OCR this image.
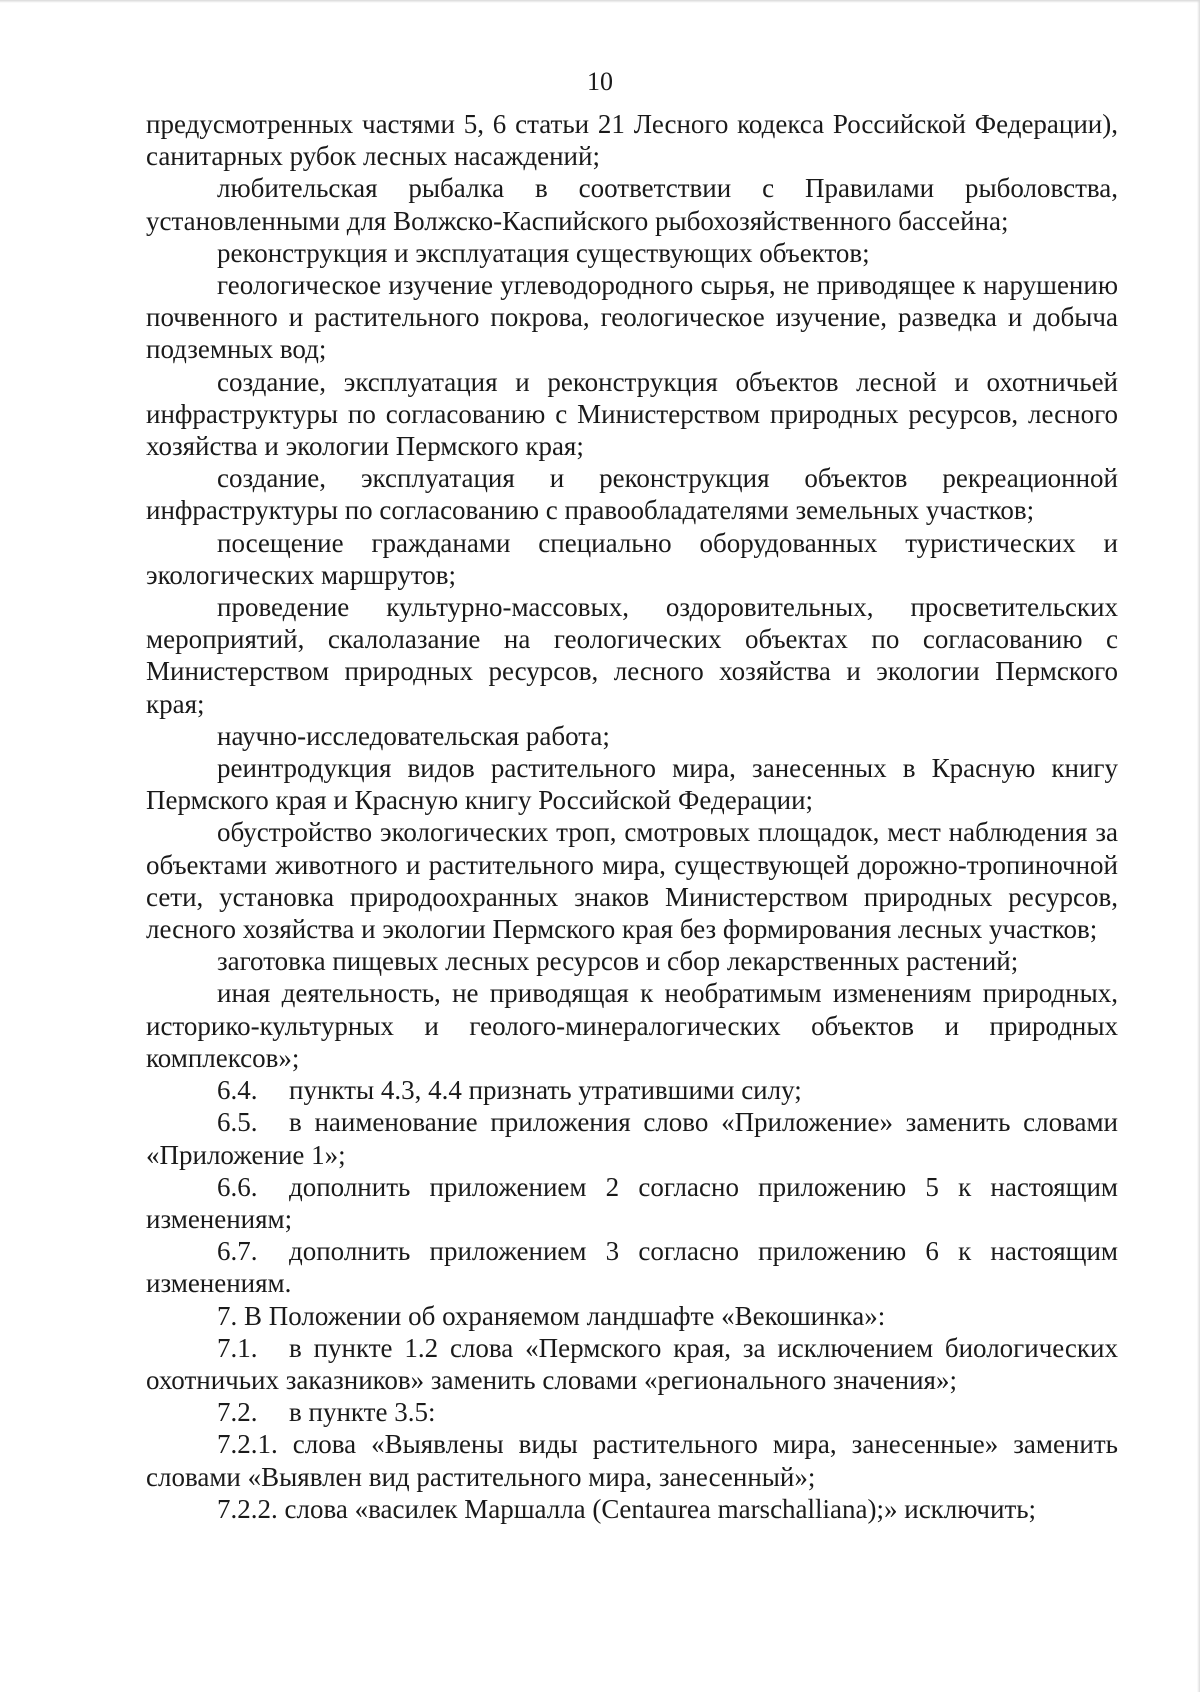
10

предусмотренных частями 5, 6 статьи 21 Лесного кодекса Российской Федерации), санитарных рубок лесных насаждений;

любительская рыбалка в соответствии с Правилами рыболовства, установленными для Волжско-Каспийского рыбохозяйственного бассейна;

реконструкция и эксплуатация существующих объектов;

геологическое изучение углеводородного сырья, не приводящее к нарушению почвенного и растительного покрова, геологическое изучение, разведка и добыча подземных вод;

создание, эксплуатация и реконструкция объектов лесной и охотничьей инфраструктуры по согласованию с Министерством природных ресурсов, лесного хозяйства и экологии Пермского края;

создание, эксплуатация и реконструкция объектов рекреационной инфраструктуры по согласованию с правообладателями земельных участков;

посещение гражданами специально оборудованных туристических и экологических маршрутов;

проведение культурно-массовых, оздоровительных, просветительских мероприятий, скалолазание на геологических объектах по согласованию с Министерством природных ресурсов, лесного хозяйства и экологии Пермского края;

научно-исследовательская работа;

реинтродукция видов растительного мира, занесенных в Красную книгу Пермского края и Красную книгу Российской Федерации;

обустройство экологических троп, смотровых площадок, мест наблюдения за объектами животного и растительного мира, существующей дорожно-тропиночной сети, установка природоохранных знаков Министерством природных ресурсов, лесного хозяйства и экологии Пермского края без формирования лесных участков;

заготовка пищевых лесных ресурсов и сбор лекарственных растений;

иная деятельность, не приводящая к необратимым изменениям природных, историко-культурных и геолого-минералогических объектов и природных комплексов»;

6.4. пункты 4.3, 4.4 признать утратившими силу;

6.5. в наименование приложения слово «Приложение» заменить словами «Приложение 1»;

6.6. дополнить приложением 2 согласно приложению 5 к настоящим изменениям;

6.7. дополнить приложением 3 согласно приложению 6 к настоящим изменениям.

7. В Положении об охраняемом ландшафте «Векошинка»:

7.1. в пункте 1.2 слова «Пермского края, за исключением биологических охотничьих заказников» заменить словами «регионального значения»;

7.2. в пункте 3.5:

7.2.1. слова «Выявлены виды растительного мира, занесенные» заменить словами «Выявлен вид растительного мира, занесенный»;

7.2.2. слова «василек Маршалла (Centaurea marschalliana);» исключить;
